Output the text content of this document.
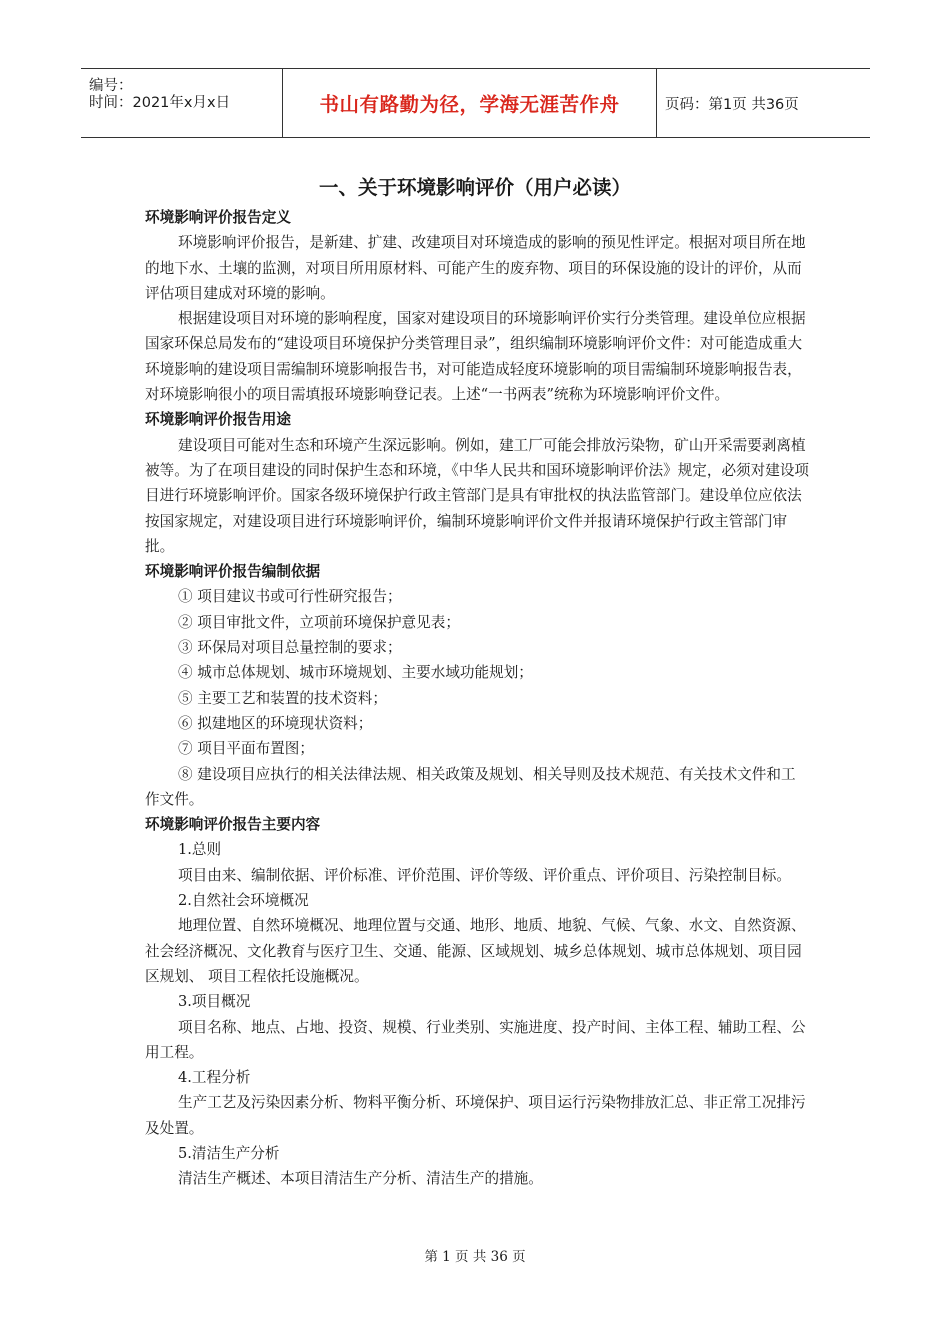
编号：
时间：2021年x月x日	书山有路勤为径，学海无涯苦作舟	页码：第1页 共36页
一、关于环境影响评价（用户必读）

环境影响评价报告定义

环境影响评价报告，是新建、扩建、改建项目对环境造成的影响的预见性评定。根据对项目所在地的地下水、土壤的监测，对项目所用原材料、可能产生的废弃物、项目的环保设施的设计的评价，从而评估项目建成对环境的影响。

根据建设项目对环境的影响程度，国家对建设项目的环境影响评价实行分类管理。建设单位应根据国家环保总局发布的“建设项目环境保护分类管理目录”，组织编制环境影响评价文件：对可能造成重大环境影响的建设项目需编制环境影响报告书，对可能造成轻度环境影响的项目需编制环境影响报告表，对环境影响很小的项目需填报环境影响登记表。上述“一书两表”统称为环境影响评价文件。

环境影响评价报告用途

建设项目可能对生态和环境产生深远影响。例如，建工厂可能会排放污染物，矿山开采需要剥离植被等。为了在项目建设的同时保护生态和环境，《中华人民共和国环境影响评价法》规定，必须对建设项目进行环境影响评价。国家各级环境保护行政主管部门是具有审批权的执法监管部门。建设单位应依法按国家规定，对建设项目进行环境影响评价，编制环境影响评价文件并报请环境保护行政主管部门审批。

环境影响评价报告编制依据

① 项目建议书或可行性研究报告；

② 项目审批文件，立项前环境保护意见表；

③ 环保局对项目总量控制的要求；

④ 城市总体规划、城市环境规划、主要水域功能规划；

⑤ 主要工艺和装置的技术资料；

⑥ 拟建地区的环境现状资料；

⑦ 项目平面布置图；

⑧ 建设项目应执行的相关法律法规、相关政策及规划、相关导则及技术规范、有关技术文件和工作文件。

环境影响评价报告主要内容

1.总则

项目由来、编制依据、评价标准、评价范围、评价等级、评价重点、评价项目、污染控制目标。

2.自然社会环境概况

地理位置、自然环境概况、地理位置与交通、地形、地质、地貌、气候、气象、水文、自然资源、社会经济概况、文化教育与医疗卫生、交通、能源、区域规划、城乡总体规划、城市总体规划、项目园区规划、 项目工程依托设施概况。

3.项目概况

项目名称、地点、占地、投资、规模、行业类别、实施进度、投产时间、主体工程、辅助工程、公用工程。

4.工程分析

生产工艺及污染因素分析、物料平衡分析、环境保护、项目运行污染物排放汇总、非正常工况排污及处置。

5.清洁生产分析

清洁生产概述、本项目清洁生产分析、清洁生产的措施。

第 1 页 共 36 页
